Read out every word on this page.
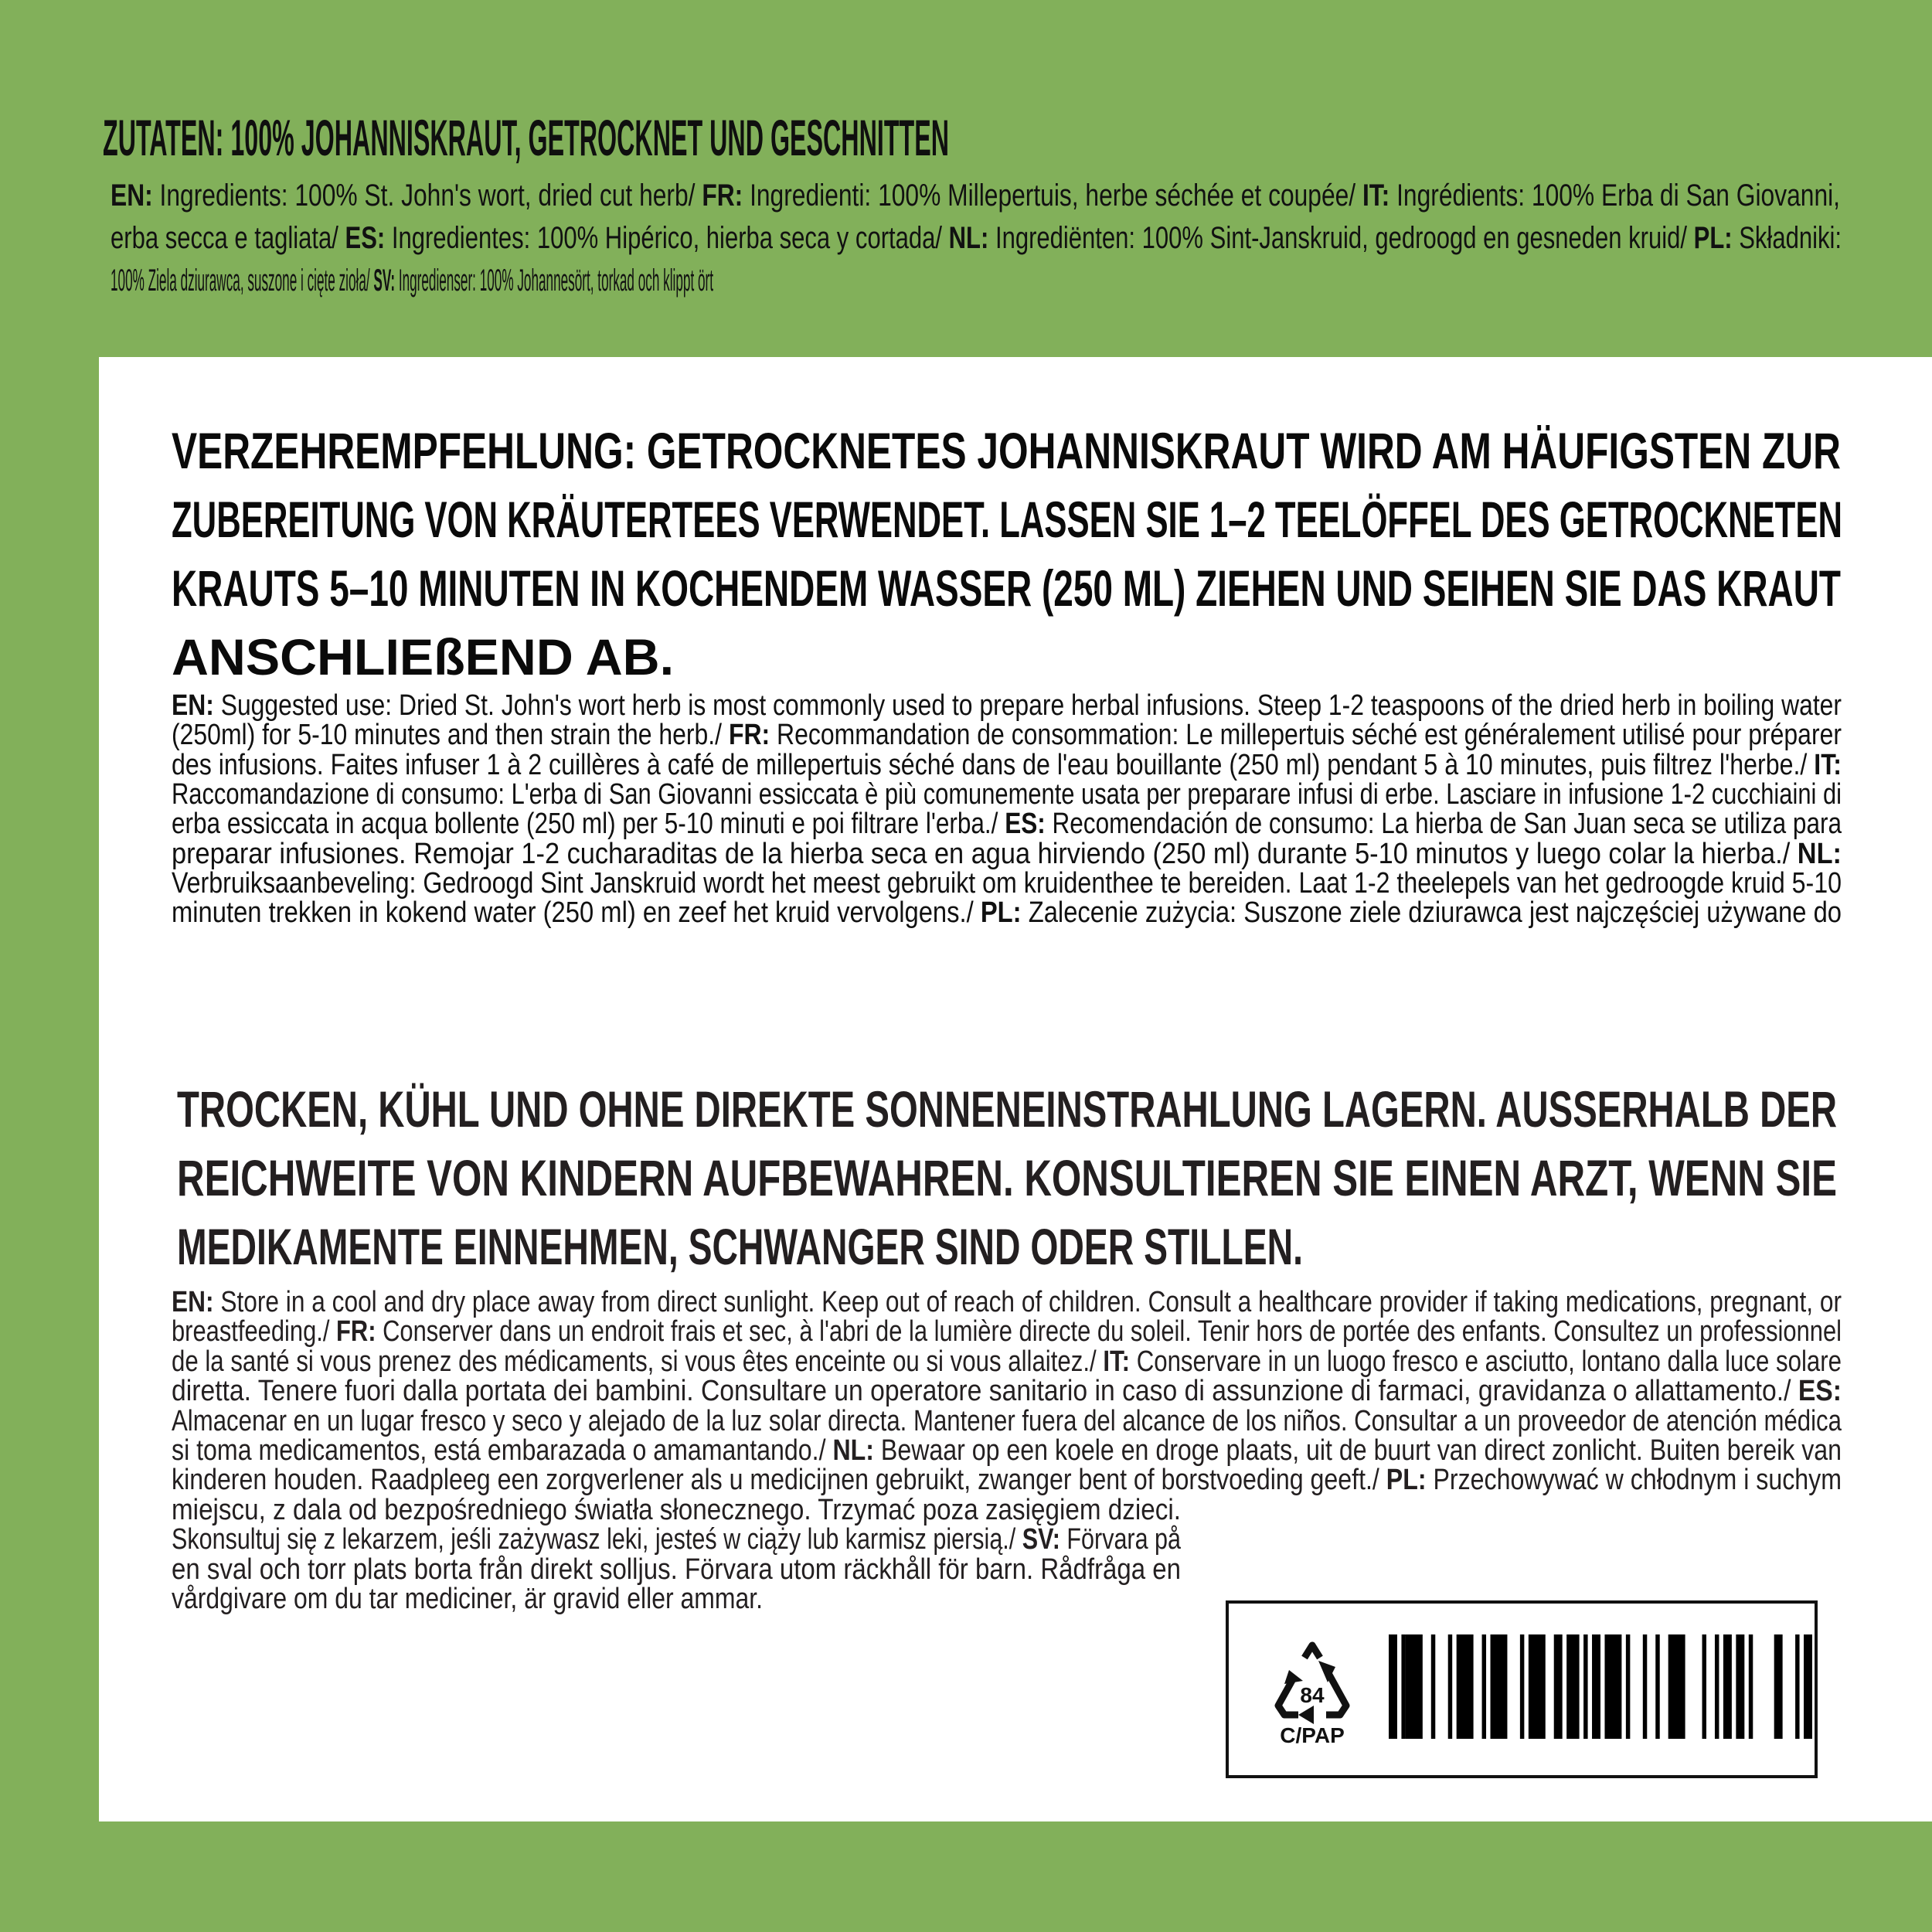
ZUTATEN: 100% JOHANNISKRAUT, GETROCKNET UND GESCHNITTEN
EN: Ingredients: 100% St. John's wort, dried cut herb/ FR: Ingredienti: 100% Millepertuis, herbe séchée et coupée/ IT: Ingrédients: 100% Erba di San Giovanni,
erba secca e tagliata/ ES: Ingredientes: 100% Hipérico, hierba seca y cortada/ NL: Ingrediënten: 100% Sint-Janskruid, gedroogd en gesneden kruid/ PL: Składniki:
100% Ziela dziurawca, suszone i cięte zioła/ SV: Ingredienser: 100% Johannesört, torkad och klippt ört
VERZEHREMPFEHLUNG: GETROCKNETES JOHANNISKRAUT WIRD AM HÄUFIGSTEN ZUR
ZUBEREITUNG VON KRÄUTERTEES VERWENDET. LASSEN SIE 1–2 TEELÖFFEL DES GETROCKNETEN
KRAUTS 5–10 MINUTEN IN KOCHENDEM WASSER (250 ML) ZIEHEN UND SEIHEN SIE DAS KRAUT
ANSCHLIEßEND AB.
EN: Suggested use: Dried St. John's wort herb is most commonly used to prepare herbal infusions. Steep 1-2 teaspoons of the dried herb in boiling water
(250ml) for 5-10 minutes and then strain the herb./ FR: Recommandation de consommation: Le millepertuis séché est généralement utilisé pour préparer
des infusions. Faites infuser 1 à 2 cuillères à café de millepertuis séché dans de l'eau bouillante (250 ml) pendant 5 à 10 minutes, puis filtrez l'herbe./ IT:
Raccomandazione di consumo: L'erba di San Giovanni essiccata è più comunemente usata per preparare infusi di erbe. Lasciare in infusione 1-2 cucchiaini di
erba essiccata in acqua bollente (250 ml) per 5-10 minuti e poi filtrare l'erba./ ES: Recomendación de consumo: La hierba de San Juan seca se utiliza para
preparar infusiones. Remojar 1-2 cucharaditas de la hierba seca en agua hirviendo (250 ml) durante 5-10 minutos y luego colar la hierba./ NL:
Verbruiksaanbeveling: Gedroogd Sint Janskruid wordt het meest gebruikt om kruidenthee te bereiden. Laat 1-2 theelepels van het gedroogde kruid 5-10
minuten trekken in kokend water (250 ml) en zeef het kruid vervolgens./ PL: Zalecenie zużycia: Suszone ziele dziurawca jest najczęściej używane do
TROCKEN, KÜHL UND OHNE DIREKTE SONNENEINSTRAHLUNG LAGERN. AUSSERHALB DER
REICHWEITE VON KINDERN AUFBEWAHREN. KONSULTIEREN SIE EINEN ARZT, WENN SIE
MEDIKAMENTE EINNEHMEN, SCHWANGER SIND ODER STILLEN.
EN: Store in a cool and dry place away from direct sunlight. Keep out of reach of children. Consult a healthcare provider if taking medications, pregnant, or
breastfeeding./ FR: Conserver dans un endroit frais et sec, à l'abri de la lumière directe du soleil. Tenir hors de portée des enfants. Consultez un professionnel
de la santé si vous prenez des médicaments, si vous êtes enceinte ou si vous allaitez./ IT: Conservare in un luogo fresco e asciutto, lontano dalla luce solare
diretta. Tenere fuori dalla portata dei bambini. Consultare un operatore sanitario in caso di assunzione di farmaci, gravidanza o allattamento./ ES:
Almacenar en un lugar fresco y seco y alejado de la luz solar directa. Mantener fuera del alcance de los niños. Consultar a un proveedor de atención médica
si toma medicamentos, está embarazada o amamantando./ NL: Bewaar op een koele en droge plaats, uit de buurt van direct zonlicht. Buiten bereik van
kinderen houden. Raadpleeg een zorgverlener als u medicijnen gebruikt, zwanger bent of borstvoeding geeft./ PL: Przechowywać w chłodnym i suchym
miejscu, z dala od bezpośredniego światła słonecznego. Trzymać poza zasięgiem dzieci.
Skonsultuj się z lekarzem, jeśli zażywasz leki, jesteś w ciąży lub karmisz piersią./ SV: Förvara på
en sval och torr plats borta från direkt solljus. Förvara utom räckhåll för barn. Rådfråga en
vårdgivare om du tar mediciner, är gravid eller ammar.
84
C/PAP
